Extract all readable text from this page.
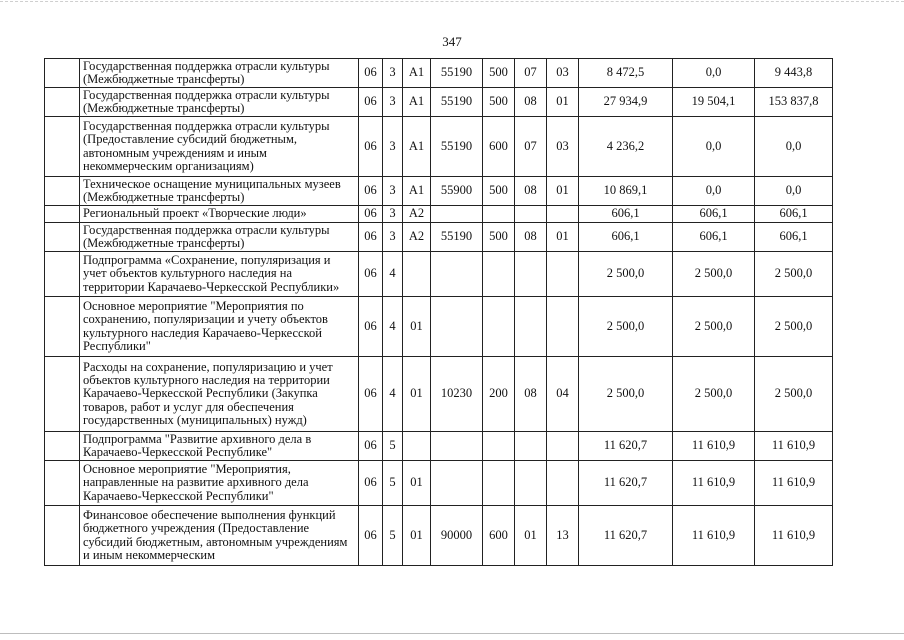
347
	Государственная поддержка отрасли культуры (Межбюджетные трансферты)	06	3	A1	55190	500	07	03	8 472,5	0,0	9 443,8
	Государственная поддержка отрасли культуры (Межбюджетные трансферты)	06	3	A1	55190	500	08	01	27 934,9	19 504,1	153 837,8
	Государственная поддержка отрасли культуры (Предоставление субсидий бюджетным, автономным учреждениям и иным некоммерческим организациям)	06	3	A1	55190	600	07	03	4 236,2	0,0	0,0
	Техническое оснащение муниципальных музеев (Межбюджетные трансферты)	06	3	A1	55900	500	08	01	10 869,1	0,0	0,0
	Региональный проект «Творческие люди»	06	3	A2					606,1	606,1	606,1
	Государственная поддержка отрасли культуры (Межбюджетные трансферты)	06	3	A2	55190	500	08	01	606,1	606,1	606,1
	Подпрограмма «Сохранение, популяризация и учет объектов культурного наследия на территории Карачаево-Черкесской Республики»	06	4						2 500,0	2 500,0	2 500,0
	Основное мероприятие "Мероприятия по сохранению, популяризации и учету объектов культурного наследия Карачаево-Черкесской Республики"	06	4	01					2 500,0	2 500,0	2 500,0
	Расходы на сохранение, популяризацию и учет объектов культурного наследия на территории Карачаево-Черкесской Республики (Закупка товаров, работ и услуг для обеспечения государственных (муниципальных) нужд)	06	4	01	10230	200	08	04	2 500,0	2 500,0	2 500,0
	Подпрограмма "Развитие архивного дела в Карачаево-Черкесской Республике"	06	5						11 620,7	11 610,9	11 610,9
	Основное мероприятие "Мероприятия, направленные на развитие архивного дела Карачаево-Черкесской Республики"	06	5	01					11 620,7	11 610,9	11 610,9
	Финансовое обеспечение выполнения функций бюджетного учреждения (Предоставление субсидий бюджетным, автономным учреждениям и иным некоммерческим	06	5	01	90000	600	01	13	11 620,7	11 610,9	11 610,9
